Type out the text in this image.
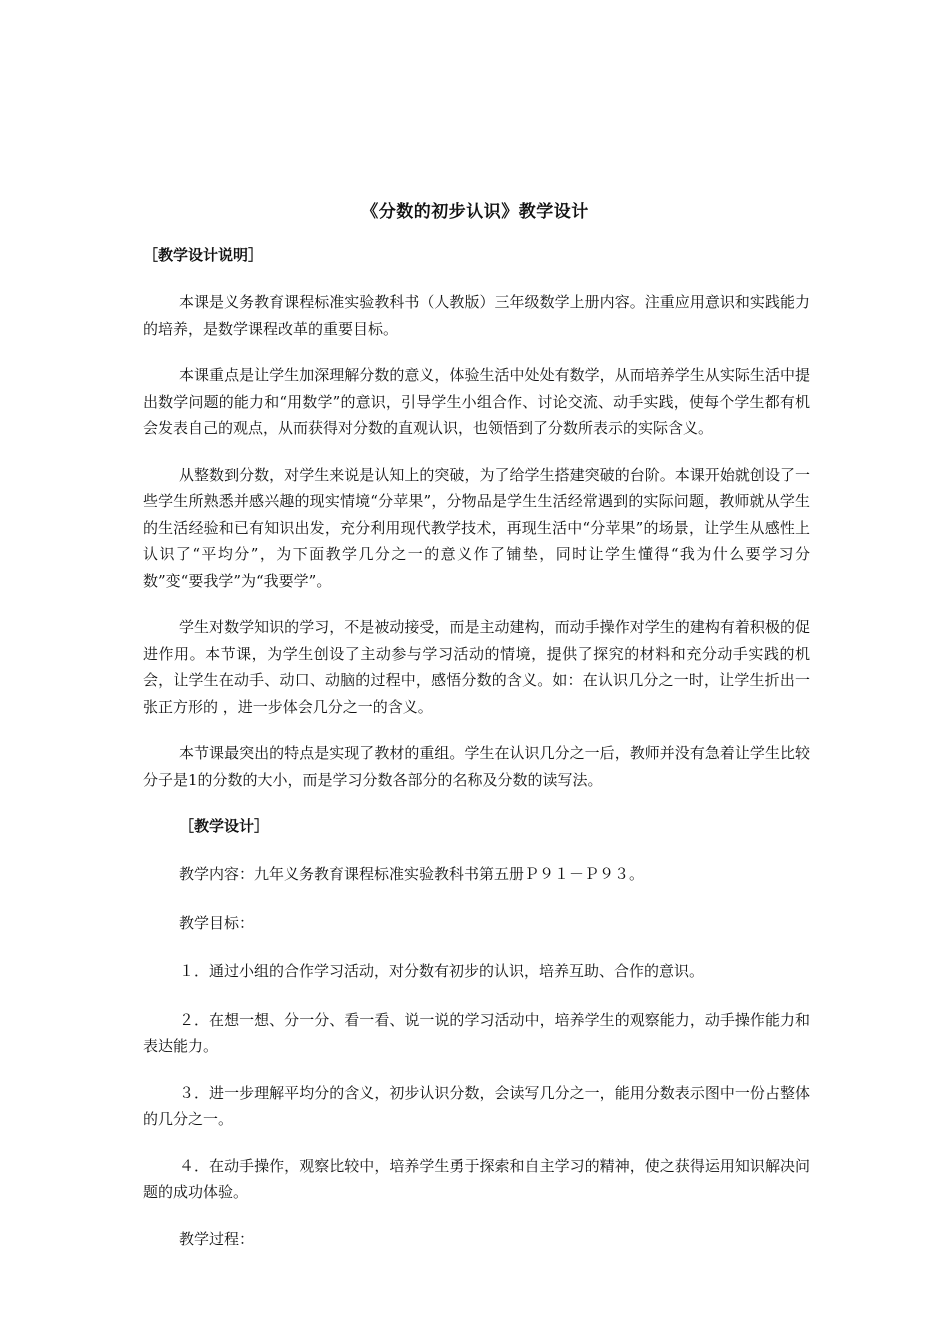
《分数的初步认识》教学设计

［教学设计说明］

本课是义务教育课程标准实验教科书（人教版）三年级数学上册内容。注重应用意识和实践能力的培养，是数学课程改革的重要目标。

本课重点是让学生加深理解分数的意义，体验生活中处处有数学，从而培养学生从实际生活中提出数学问题的能力和“用数学”的意识，引导学生小组合作、讨论交流、动手实践，使每个学生都有机会发表自己的观点，从而获得对分数的直观认识，也领悟到了分数所表示的实际含义。

从整数到分数，对学生来说是认知上的突破，为了给学生搭建突破的台阶。本课开始就创设了一些学生所熟悉并感兴趣的现实情境“分苹果”，分物品是学生生活经常遇到的实际问题，教师就从学生的生活经验和已有知识出发，充分利用现代教学技术，再现生活中“分苹果”的场景，让学生从感性上认识了“平均分”，为下面教学几分之一的意义作了铺垫，同时让学生懂得“我为什么要学习分数”变“要我学”为“我要学”。

学生对数学知识的学习，不是被动接受，而是主动建构，而动手操作对学生的建构有着积极的促进作用。本节课，为学生创设了主动参与学习活动的情境，提供了探究的材料和充分动手实践的机会，让学生在动手、动口、动脑的过程中，感悟分数的含义。如：在认识几分之一时，让学生折出一张正方形的 ，进一步体会几分之一的含义。

本节课最突出的特点是实现了教材的重组。学生在认识几分之一后，教师并没有急着让学生比较分子是1的分数的大小，而是学习分数各部分的名称及分数的读写法。

［教学设计］

教学内容：九年义务教育课程标准实验教科书第五册Ｐ９１－Ｐ９３。

教学目标：

１．通过小组的合作学习活动，对分数有初步的认识，培养互助、合作的意识。

２．在想一想、分一分、看一看、说一说的学习活动中，培养学生的观察能力，动手操作能力和表达能力。

３．进一步理解平均分的含义，初步认识分数，会读写几分之一，能用分数表示图中一份占整体的几分之一。

４．在动手操作，观察比较中，培养学生勇于探索和自主学习的精神，使之获得运用知识解决问题的成功体验。

教学过程：
